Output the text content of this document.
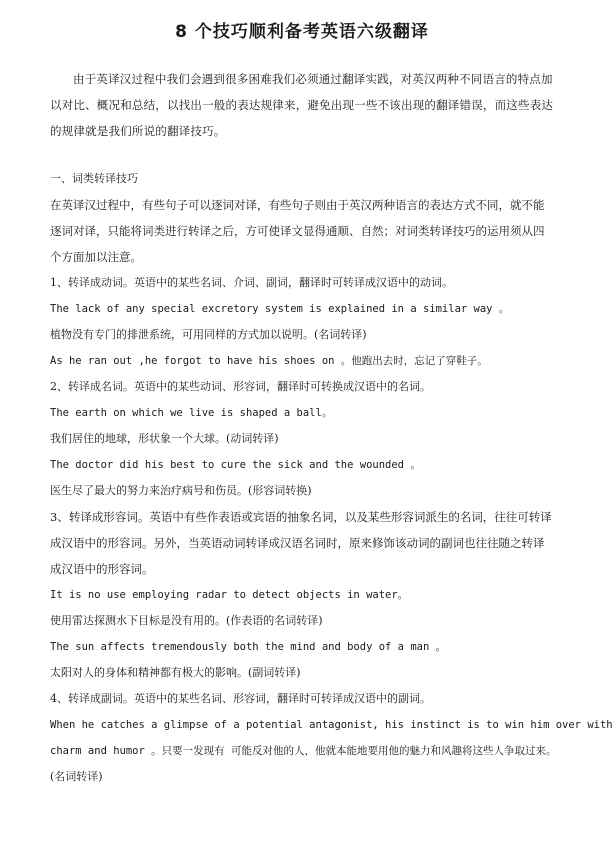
8 个技巧顺利备考英语六级翻译

由于英译汉过程中我们会遇到很多困难我们必须通过翻译实践，对英汉两种不同语言的特点加以对比、概况和总结，以找出一般的表达规律来，避免出现一些不该出现的翻译错误，而这些表达的规律就是我们所说的翻译技巧。

一、词类转译技巧

在英译汉过程中，有些句子可以逐词对译，有些句子则由于英汉两种语言的表达方式不同，就不能逐词对译，只能将词类进行转译之后，方可使译文显得通顺、自然；对词类转译技巧的运用须从四个方面加以注意。

1、转译成动词。英语中的某些名词、介词、副词，翻译时可转译成汉语中的动词。

The lack of any special excretory system is explained in a similar way 。

植物没有专门的排泄系统，可用同样的方式加以说明。(名词转译)

As he ran out ,he forgot to have his shoes on 。他跑出去时，忘记了穿鞋子。

2、转译成名词。英语中的某些动词、形容词，翻译时可转换成汉语中的名词。

The earth on which we live is shaped a ball。

我们居住的地球，形状象一个大球。(动词转译)

The doctor did his best to cure the sick and the wounded 。

医生尽了最大的努力来治疗病号和伤员。(形容词转换)

3、转译成形容词。英语中有些作表语或宾语的抽象名词，以及某些形容词派生的名词，往往可转译成汉语中的形容词。另外，当英语动词转译成汉语名词时，原来修饰该动词的副词也往往随之转译成汉语中的形容词。

It is no use employing radar to detect objects in water。

使用雷达探测水下目标是没有用的。(作表语的名词转译)

The sun affects tremendously both the mind and body of a man 。

太阳对人的身体和精神都有极大的影响。(副词转译)

4、转译成副词。英语中的某些名词、形容词，翻译时可转译成汉语中的副词。

When he catches a glimpse of a potential antagonist, his instinct is to win him over with

charm and humor 。只要一发现有 可能反对他的人，他就本能地要用他的魅力和风趣将这些人争取过来。

(名词转译)
